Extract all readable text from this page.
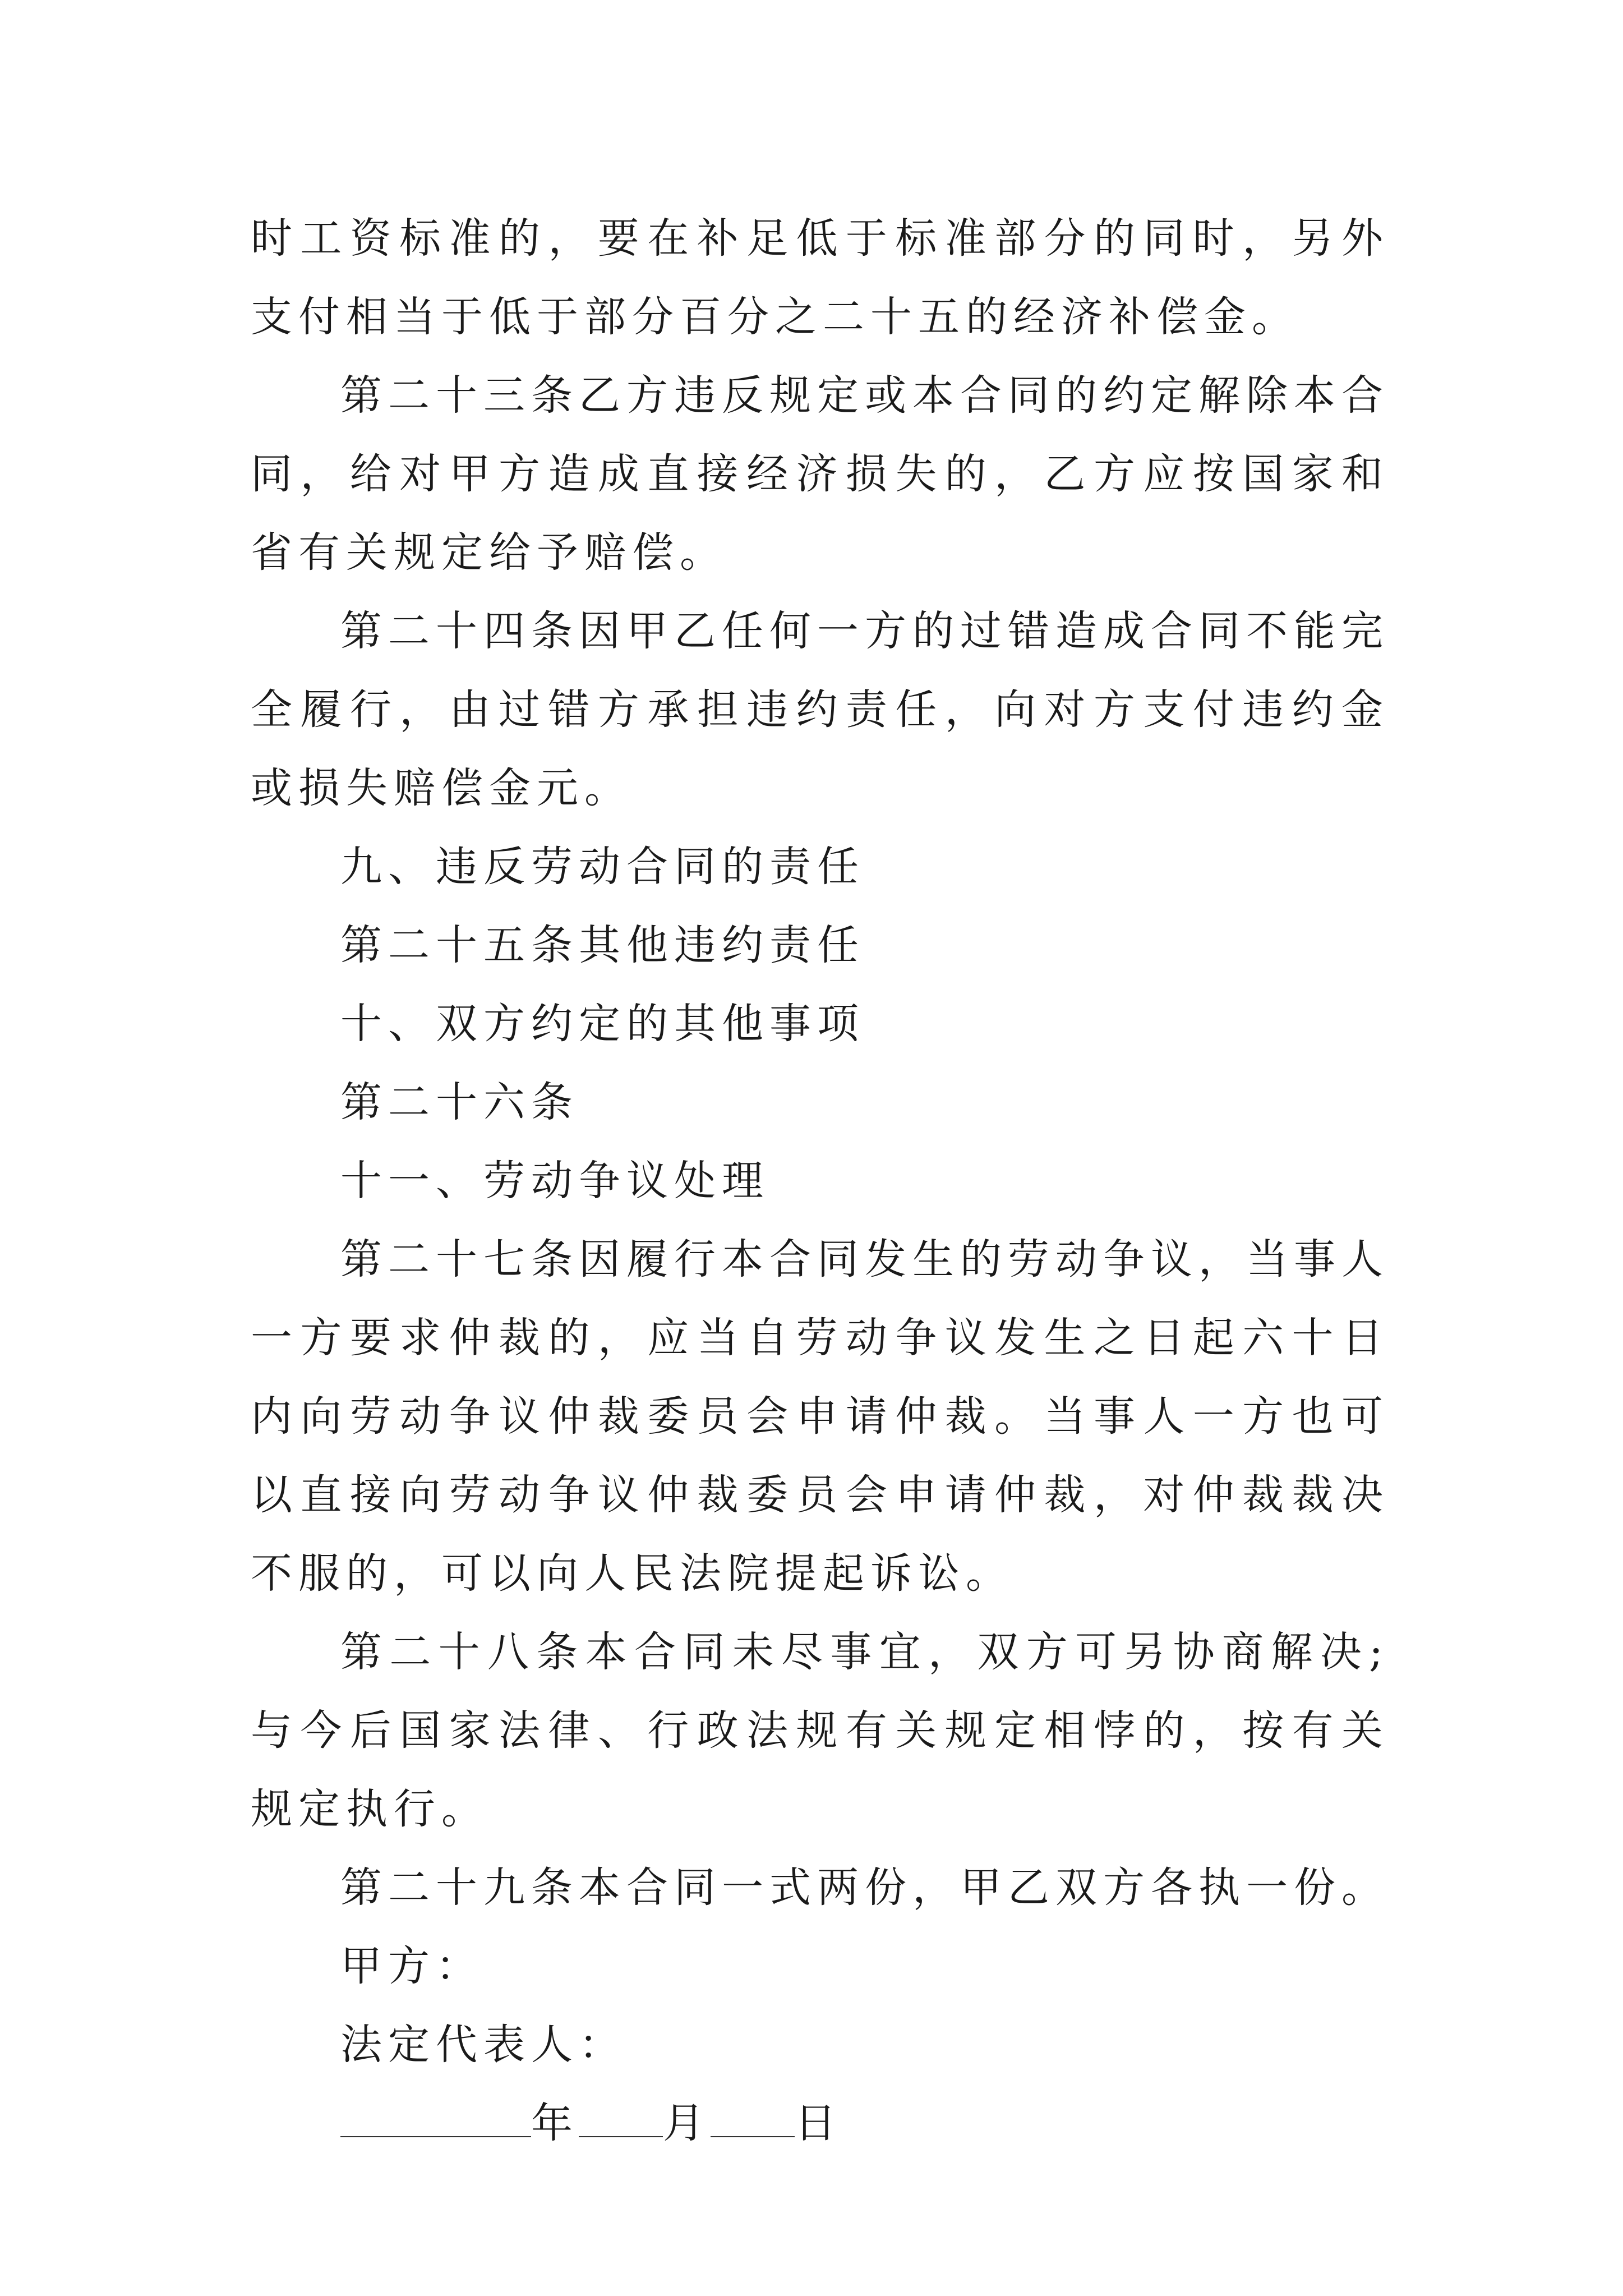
时工资标准的，要在补足低于标准部分的同时，另外支付相当于低于部分百分之二十五的经济补偿金。

第二十三条乙方违反规定或本合同的约定解除本合同，给对甲方造成直接经济损失的，乙方应按国家和省有关规定给予赔偿。

第二十四条因甲乙任何一方的过错造成合同不能完全履行，由过错方承担违约责任，向对方支付违约金或损失赔偿金元。

九、违反劳动合同的责任

第二十五条其他违约责任

十、双方约定的其他事项

第二十六条

十一、劳动争议处理

第二十七条因履行本合同发生的劳动争议，当事人一方要求仲裁的，应当自劳动争议发生之日起六十日内向劳动争议仲裁委员会申请仲裁。当事人一方也可以直接向劳动争议仲裁委员会申请仲裁，对仲裁裁决不服的，可以向人民法院提起诉讼。

第二十八条本合同未尽事宜，双方可另协商解决;与今后国家法律、行政法规有关规定相悖的，按有关规定执行。

第二十九条本合同一式两份，甲乙双方各执一份。

甲方：

法定代表人：

年 月 日
